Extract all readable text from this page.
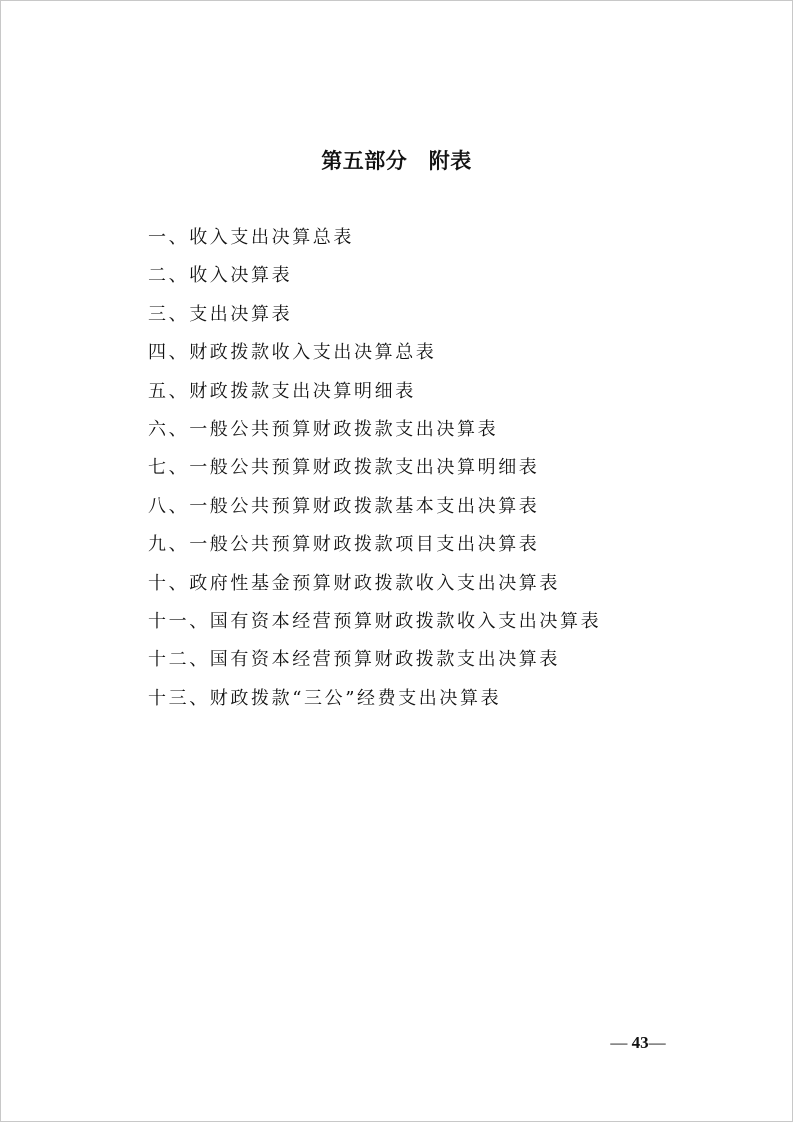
第五部分　附表
一、收入支出决算总表
二、收入决算表
三、支出决算表
四、财政拨款收入支出决算总表
五、财政拨款支出决算明细表
六、一般公共预算财政拨款支出决算表
七、一般公共预算财政拨款支出决算明细表
八、一般公共预算财政拨款基本支出决算表
九、一般公共预算财政拨款项目支出决算表
十、政府性基金预算财政拨款收入支出决算表
十一、国有资本经营预算财政拨款收入支出决算表
十二、国有资本经营预算财政拨款支出决算表
十三、财政拨款“三公”经费支出决算表
— 43—
